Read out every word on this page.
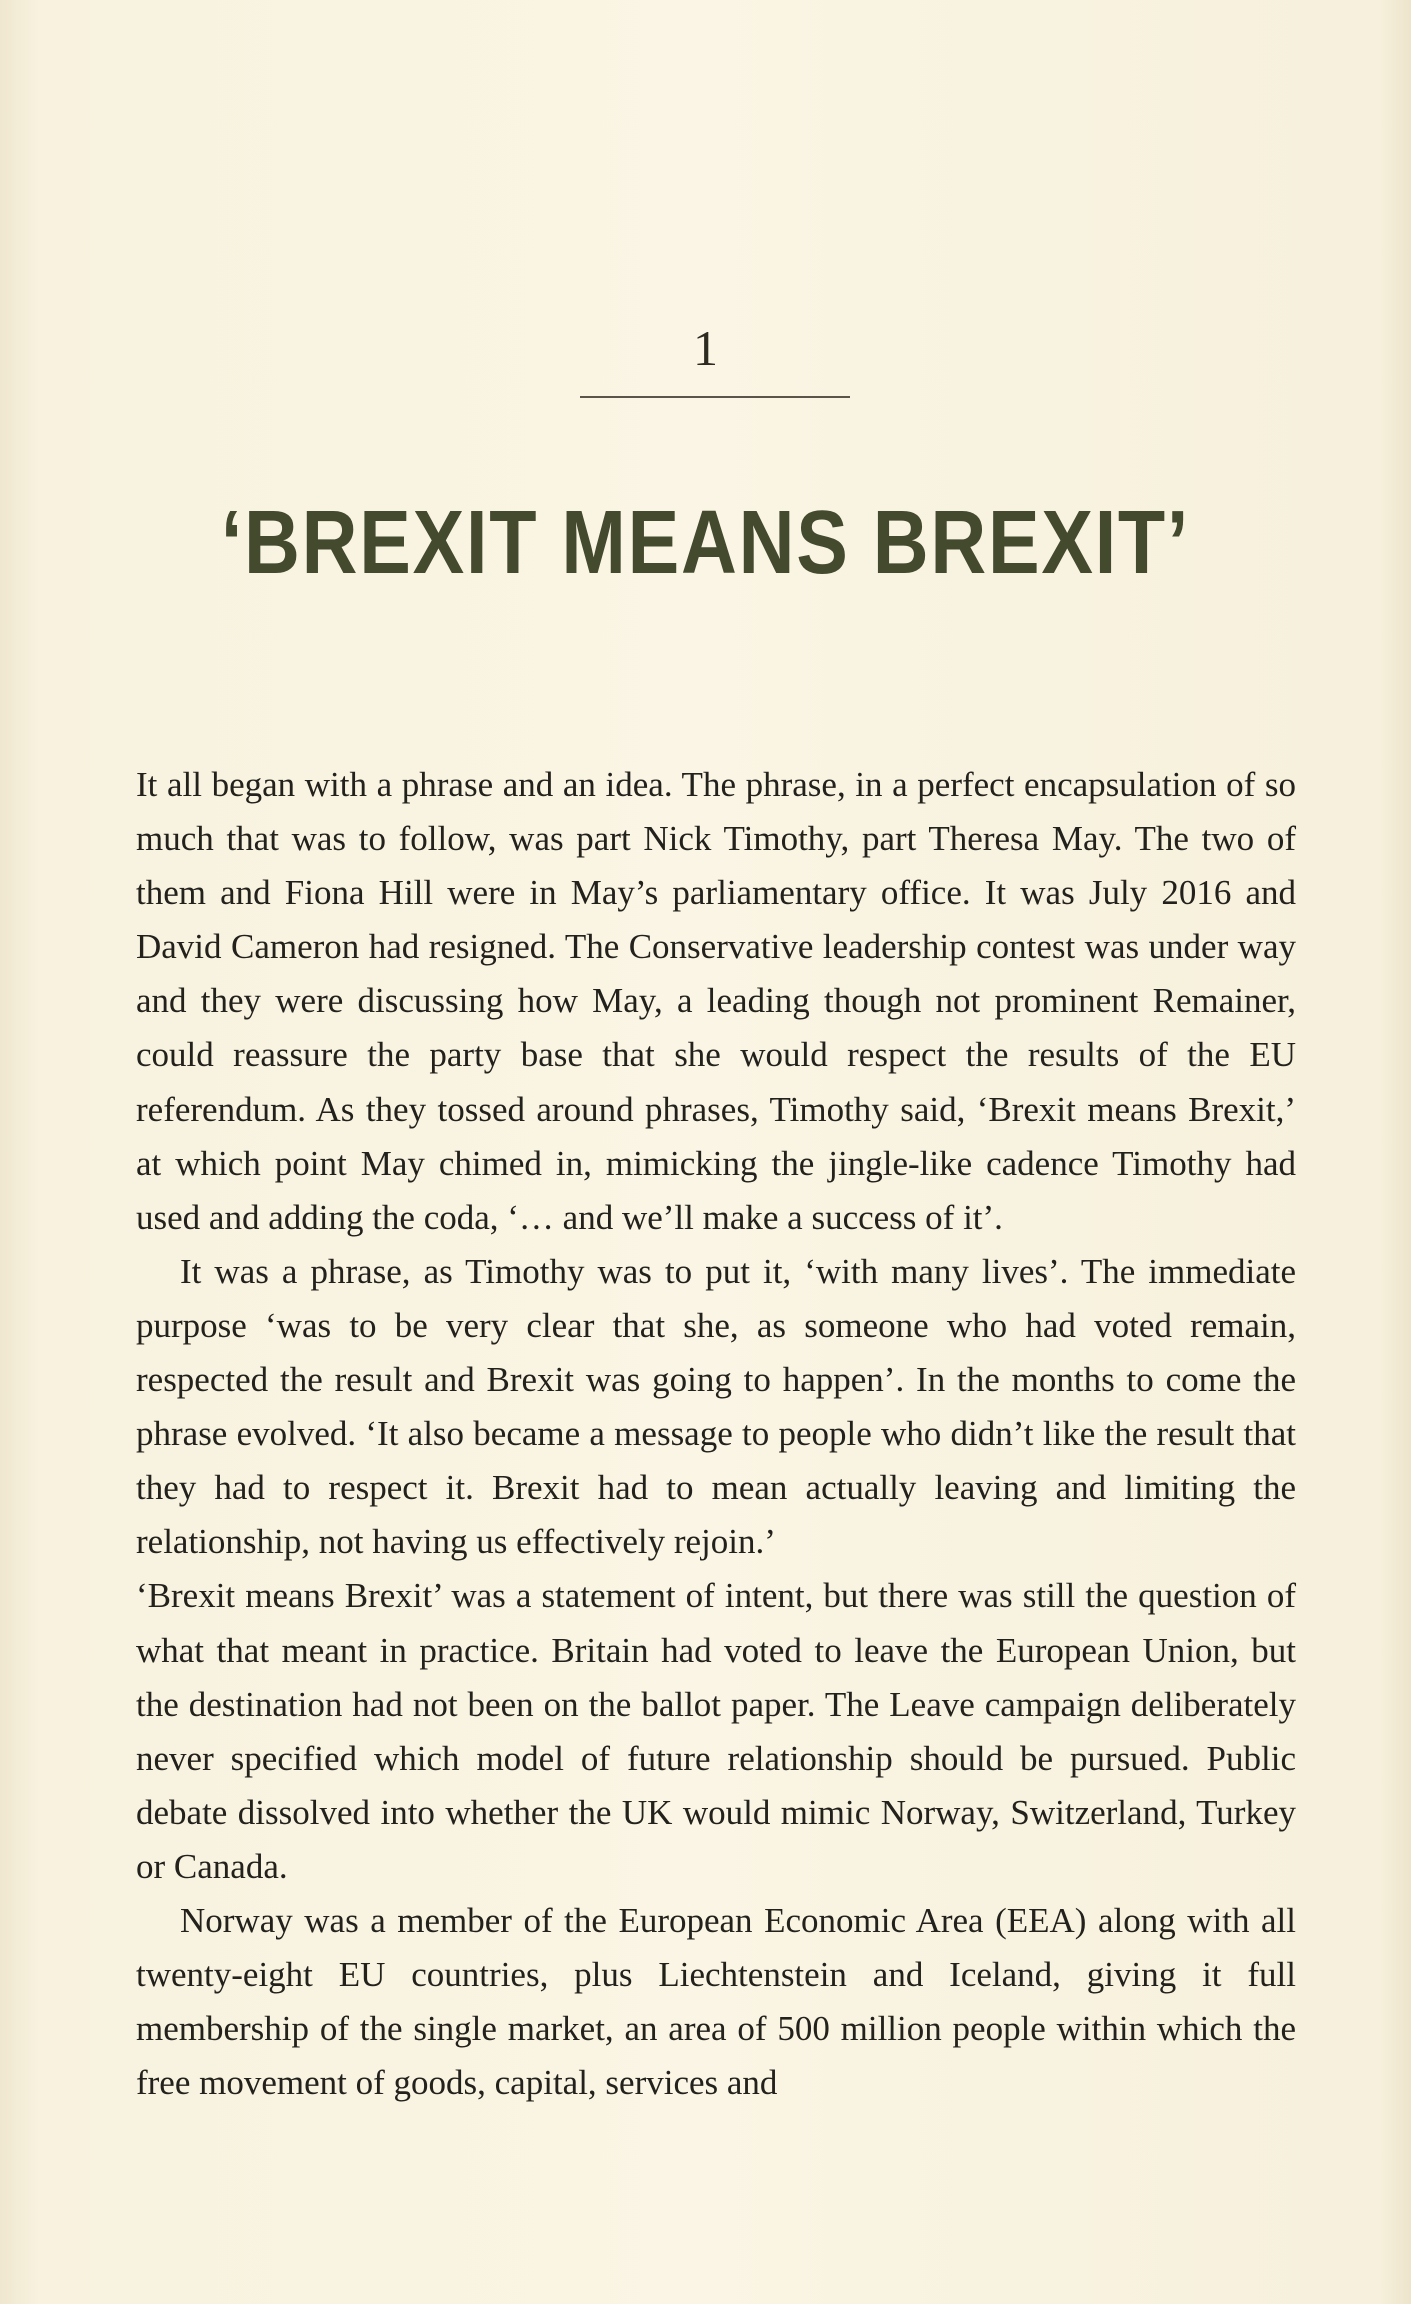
1
‘BREXIT MEANS BREXIT’

It all began with a phrase and an idea. The phrase, in a perfect encapsulation of so much that was to follow, was part Nick Timothy, part Theresa May. The two of them and Fiona Hill were in May’s parliamentary office. It was July 2016 and David Cameron had resigned. The Conservative leadership contest was under way and they were discussing how May, a leading though not prominent Remainer, could reassure the party base that she would respect the results of the EU referendum. As they tossed around phrases, Timothy said, ‘Brexit means Brexit,’ at which point May chimed in, mimicking the jingle-like cadence Timothy had used and adding the coda, ‘… and we’ll make a success of it’.

It was a phrase, as Timothy was to put it, ‘with many lives’. The immediate purpose ‘was to be very clear that she, as someone who had voted remain, respected the result and Brexit was going to happen’. In the months to come the phrase evolved. ‘It also became a message to people who didn’t like the result that they had to respect it. Brexit had to mean actually leaving and limiting the relationship, not having us effectively rejoin.’

‘Brexit means Brexit’ was a statement of intent, but there was still the question of what that meant in practice. Britain had voted to leave the European Union, but the destination had not been on the ballot paper. The Leave campaign deliberately never specified which model of future relationship should be pursued. Public debate dissolved into whether the UK would mimic Norway, Switzerland, Turkey or Canada.

Norway was a member of the European Economic Area (EEA) along with all twenty-eight EU countries, plus Liechtenstein and Iceland, giving it full membership of the single market, an area of 500 million people within which the free movement of goods, capital, services and
